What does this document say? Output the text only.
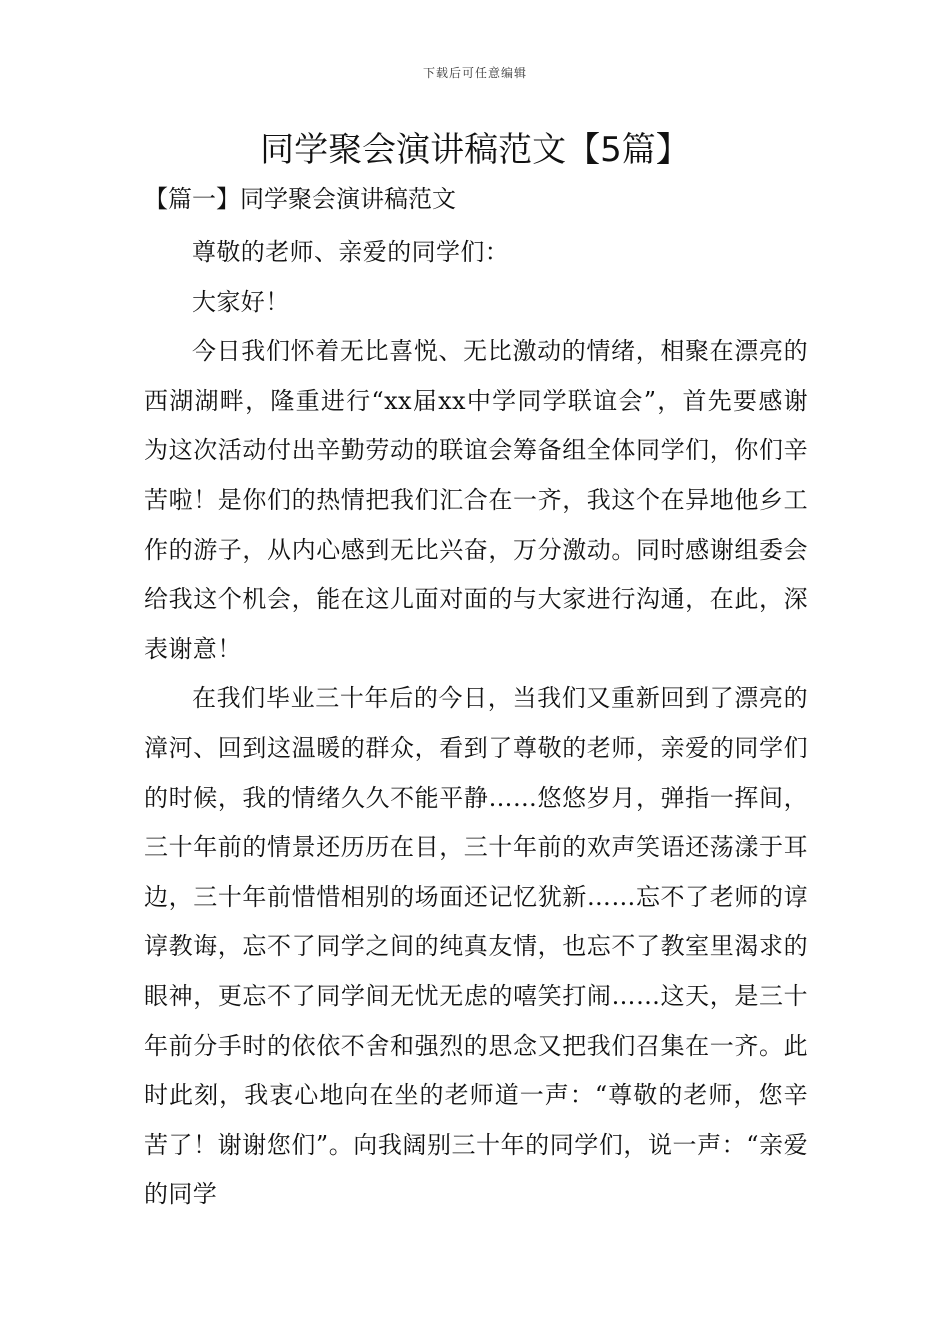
下载后可任意编辑
同学聚会演讲稿范文【5篇】
【篇一】同学聚会演讲稿范文

尊敬的老师、亲爱的同学们：

大家好！

今日我们怀着无比喜悦、无比激动的情绪，相聚在漂亮的西湖湖畔，隆重进行“xx届xx中学同学联谊会”，首先要感谢为这次活动付出辛勤劳动的联谊会筹备组全体同学们，你们辛苦啦！是你们的热情把我们汇合在一齐，我这个在异地他乡工作的游子，从内心感到无比兴奋，万分激动。同时感谢组委会给我这个机会，能在这儿面对面的与大家进行沟通，在此，深表谢意！

在我们毕业三十年后的今日，当我们又重新回到了漂亮的漳河、回到这温暖的群众，看到了尊敬的老师，亲爱的同学们的时候，我的情绪久久不能平静……悠悠岁月，弹指一挥间，三十年前的情景还历历在目，三十年前的欢声笑语还荡漾于耳边，三十年前惜惜相别的场面还记忆犹新……忘不了老师的谆谆教诲，忘不了同学之间的纯真友情，也忘不了教室里渴求的眼神，更忘不了同学间无忧无虑的嘻笑打闹……这天，是三十年前分手时的依依不舍和强烈的思念又把我们召集在一齐。此时此刻，我衷心地向在坐的老师道一声：“尊敬的老师，您辛苦了！谢谢您们”。向我阔别三十年的同学们，说一声：“亲爱的同学
